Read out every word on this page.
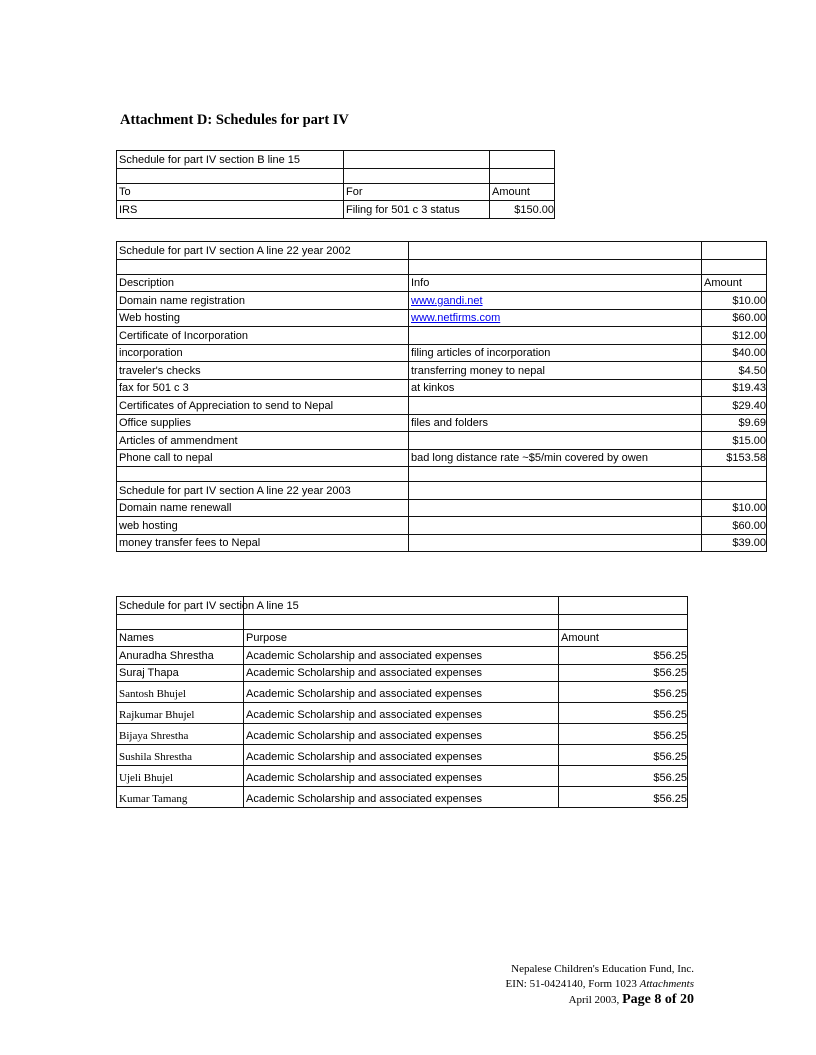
Attachment D: Schedules for part IV
Schedule for part IV section B line 15		

To	For	Amount
IRS	Filing for 501 c 3 status	$150.00
Schedule for part IV section A line 22 year 2002		

Description	Info	Amount
Domain name registration	www.gandi.net	$10.00
Web hosting	www.netfirms.com	$60.00
Certificate of Incorporation		$12.00
incorporation	filing articles of incorporation	$40.00
traveler's checks	transferring money to nepal	$4.50
fax for 501 c 3	at kinkos	$19.43
Certificates of Appreciation to send to Nepal		$29.40
Office supplies	files and folders	$9.69
Articles of ammendment		$15.00
Phone call to nepal	bad long distance rate ~$5/min covered by owen	$153.58

Schedule for part IV section A line 22 year 2003		
Domain name renewall		$10.00
web hosting		$60.00
money transfer fees to Nepal		$39.00
Schedule for part IV section A line 15		

Names	Purpose	Amount
Anuradha Shrestha	Academic Scholarship and associated expenses	$56.25
Suraj Thapa	Academic Scholarship and associated expenses	$56.25
Santosh Bhujel	Academic Scholarship and associated expenses	$56.25
Rajkumar Bhujel	Academic Scholarship and associated expenses	$56.25
Bijaya Shrestha	Academic Scholarship and associated expenses	$56.25
Sushila Shrestha	Academic Scholarship and associated expenses	$56.25
Ujeli Bhujel	Academic Scholarship and associated expenses	$56.25
Kumar Tamang	Academic Scholarship and associated expenses	$56.25
Nepalese Children's Education Fund, Inc.
EIN: 51-0424140, Form 1023 Attachments
April 2003, Page 8 of 20
